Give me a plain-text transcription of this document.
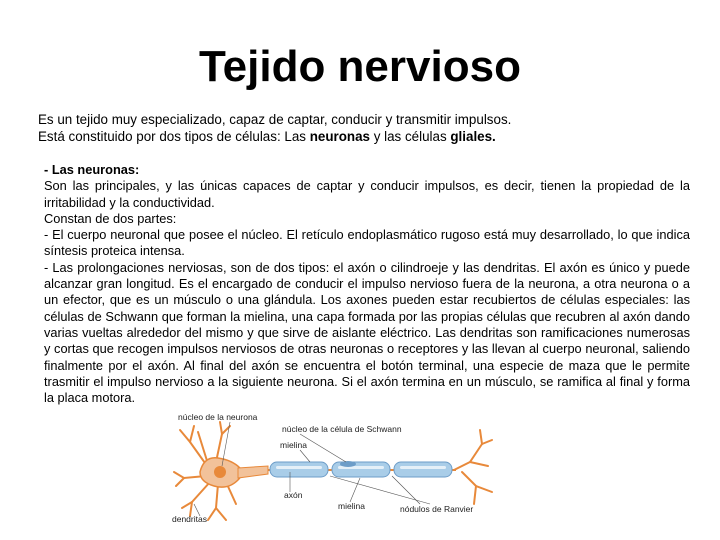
Tejido nervioso
Es un tejido muy especializado, capaz de captar, conducir y transmitir impulsos.
Está constituido por dos tipos de células: Las neuronas y las células gliales.

- Las neuronas:

Son las principales, y las únicas capaces de captar y conducir impulsos, es decir, tienen la propiedad de la irritabilidad y la conductividad.

Constan de dos partes:

- El cuerpo neuronal que posee el núcleo. El retículo endoplasmático rugoso está muy desarrollado, lo que indica síntesis proteica intensa.

- Las prolongaciones nerviosas, son de dos tipos: el axón o cilindroeje y las dendritas. El axón es único y puede alcanzar gran longitud. Es el encargado de conducir el impulso nervioso fuera de la neurona, a otra neurona o a un efector, que es un músculo o una glándula. Los axones pueden estar recubiertos de células especiales: las células de Schwann que forman la mielina, una capa formada por las propias células que recubren al axón dando varias vueltas alrededor del mismo y que sirve de aislante eléctrico. Las dendritas son ramificaciones numerosas y cortas que recogen impulsos nerviosos de otras neuronas o receptores y las llevan al cuerpo neuronal, saliendo finalmente por el axón. Al final del axón se encuentra el botón terminal, una especie de maza que le permite trasmitir el impulso nervioso a la siguiente neurona. Si el axón termina en un músculo, se ramifica al final y forma la placa motora.

núcleo de la neurona
núcleo de la célula de Schwann
mielina
axón
dendritas
mielina	nódulos de Ranvier
